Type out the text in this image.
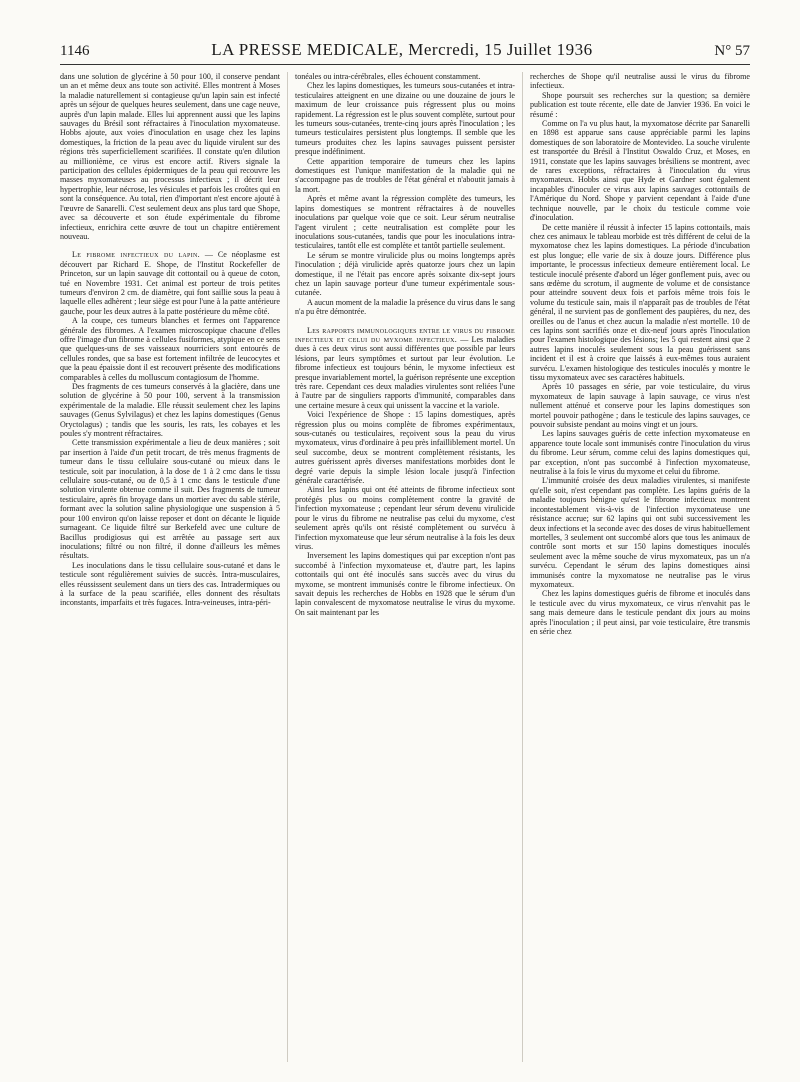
1146	LA PRESSE MEDICALE, Mercredi, 15 Juillet 1936	N° 57

dans une solution de glycérine à 50 pour 100, il conserve pendant un an et même deux ans toute son activité. Elles montrent à Moses la maladie naturellement si contagieuse qu'un lapin sain est infecté après un séjour de quelques heures seulement, dans une cage neuve, auprès d'un lapin malade. Elles lui apprennent aussi que les lapins sauvages du Brésil sont réfractaires à l'inoculation myxomateuse. Hobbs ajoute, aux voies d'inoculation en usage chez les lapins domestiques, la friction de la peau avec du liquide virulent sur des régions très superficiellement scarifiées. Il constate qu'en dilution au millionième, ce virus est encore actif. Rivers signale la participation des cellules épidermiques de la peau qui recouvre les masses myxomateuses au processus infectieux ; il décrit leur hypertrophie, leur nécrose, les vésicules et parfois les croûtes qui en sont la conséquence. Au total, rien d'important n'est encore ajouté à l'œuvre de Sanarelli. C'est seulement deux ans plus tard que Shope, avec sa découverte et son étude expérimentale du fibrome infectieux, enrichira cette œuvre de tout un chapitre entièrement nouveau.

Le fibrome infectieux du lapin. — Ce néoplasme est découvert par Richard E. Shope, de l'Institut Rockefeller de Princeton, sur un lapin sauvage dit cottontail ou à queue de coton, tué en Novembre 1931. Cet animal est porteur de trois petites tumeurs d'environ 2 cm. de diamètre, qui font saillie sous la peau à laquelle elles adhèrent ; leur siège est pour l'une à la patte antérieure gauche, pour les deux autres à la patte postérieure du même côté.

A la coupe, ces tumeurs blanches et fermes ont l'apparence générale des fibromes. A l'examen microscopique chacune d'elles offre l'image d'un fibrome à cellules fusiformes, atypique en ce sens que quelques-uns de ses vaisseaux nourriciers sont entourés de cellules rondes, que sa base est fortement infiltrée de leucocytes et que la peau épaissie dont il est recouvert présente des modifications comparables à celles du molluscum contagiosum de l'homme.

Des fragments de ces tumeurs conservés à la glacière, dans une solution de glycérine à 50 pour 100, servent à la transmission expérimentale de la maladie. Elle réussit seulement chez les lapins sauvages (Genus Sylvilagus) et chez les lapins domestiques (Genus Oryctolagus) ; tandis que les souris, les rats, les cobayes et les poules s'y montrent réfractaires.

Cette transmission expérimentale a lieu de deux manières ; soit par insertion à l'aide d'un petit trocart, de très menus fragments de tumeur dans le tissu cellulaire sous-cutané ou mieux dans le testicule, soit par inoculation, à la dose de 1 à 2 cmc dans le tissu cellulaire sous-cutané, ou de 0,5 à 1 cmc dans le testicule d'une solution virulente obtenue comme il suit. Des fragments de tumeur testiculaire, après fin broyage dans un mortier avec du sable stérile, formant avec la solution saline physiologique une suspension à 5 pour 100 environ qu'on laisse reposer et dont on décante le liquide surnageant. Ce liquide filtré sur Berkefeld avec une culture de Bacillus prodigiosus qui est arrêtée au passage sert aux inoculations; filtré ou non filtré, il donne d'ailleurs les mêmes résultats.

Les inoculations dans le tissu cellulaire sous-cutané et dans le testicule sont régulièrement suivies de succès. Intra-musculaires, elles réussissent seulement dans un tiers des cas. Intradermiques ou à la surface de la peau scarifiée, elles donnent des résultats inconstants, imparfaits et très fugaces. Intra-veineuses, intra-péri-

tonéales ou intra-cérébrales, elles échouent constamment.

Chez les lapins domestiques, les tumeurs sous-cutanées et intra-testiculaires atteignent en une dizaine ou une douzaine de jours le maximum de leur croissance puis régressent plus ou moins rapidement. La régression est le plus souvent complète, surtout pour les tumeurs sous-cutanées, trente-cinq jours après l'inoculation ; les tumeurs testiculaires persistent plus longtemps. Il semble que les tumeurs produites chez les lapins sauvages puissent persister presque indéfiniment.

Cette apparition temporaire de tumeurs chez les lapins domestiques est l'unique manifestation de la maladie qui ne s'accompagne pas de troubles de l'état général et n'aboutit jamais à la mort.

Après et même avant la régression complète des tumeurs, les lapins domestiques se montrent réfractaires à de nouvelles inoculations par quelque voie que ce soit. Leur sérum neutralise l'agent virulent ; cette neutralisation est complète pour les inoculations sous-cutanées, tandis que pour les inoculations intra-testiculaires, tantôt elle est complète et tantôt partielle seulement.

Le sérum se montre virulicide plus ou moins longtemps après l'inoculation ; déjà virulicide après quatorze jours chez un lapin domestique, il ne l'était pas encore après soixante dix-sept jours chez un lapin sauvage porteur d'une tumeur expérimentale sous-cutanée.

A aucun moment de la maladie la présence du virus dans le sang n'a pu être démontrée.

Les rapports immunologiques entre le virus du fibrome infectieux et celui du myxome infectieux. — Les maladies dues à ces deux virus sont aussi différentes que possible par leurs lésions, par leurs symptômes et surtout par leur évolution. Le fibrome infectieux est toujours bénin, le myxome infectieux est presque invariablement mortel, la guérison représente une exception très rare. Cependant ces deux maladies virulentes sont reliées l'une à l'autre par de singuliers rapports d'immunité, comparables dans une certaine mesure à ceux qui unissent la vaccine et la variole.

Voici l'expérience de Shope : 15 lapins domestiques, après régression plus ou moins complète de fibromes expérimentaux, sous-cutanés ou testiculaires, reçoivent sous la peau du virus myxomateux, virus d'ordinaire à peu près infailliblement mortel. Un seul succombe, deux se montrent complètement résistants, les autres guérissent après diverses manifestations morbides dont le degré varie depuis la simple lésion locale jusqu'à l'infection générale caractérisée.

Ainsi les lapins qui ont été atteints de fibrome infectieux sont protégés plus ou moins complètement contre la gravité de l'infection myxomateuse ; cependant leur sérum devenu virulicide pour le virus du fibrome ne neutralise pas celui du myxome, c'est seulement après qu'ils ont résisté complètement ou survécu à l'infection myxomateuse que leur sérum neutralise à la fois les deux virus.

Inversement les lapins domestiques qui par exception n'ont pas succombé à l'infection myxomateuse et, d'autre part, les lapins cottontails qui ont été inoculés sans succès avec du virus du myxome, se montrent immunisés contre le fibrome infectieux. On savait depuis les recherches de Hobbs en 1928 que le sérum d'un lapin convalescent de myxomatose neutralise le virus du myxome. On sait maintenant par les

recherches de Shope qu'il neutralise aussi le virus du fibrome infectieux.

Shope poursuit ses recherches sur la question; sa dernière publication est toute récente, elle date de Janvier 1936. En voici le résumé :

Comme on l'a vu plus haut, la myxomatose décrite par Sanarelli en 1898 est apparue sans cause appréciable parmi les lapins domestiques de son laboratoire de Montevideo. La souche virulente est transportée du Brésil à l'Institut Oswaldo Cruz, et Moses, en 1911, constate que les lapins sauvages brésiliens se montrent, avec de rares exceptions, réfractaires à l'inoculation du virus myxomateux. Hobbs ainsi que Hyde et Gardner sont également incapables d'inoculer ce virus aux lapins sauvages cottontails de l'Amérique du Nord. Shope y parvient cependant à l'aide d'une technique nouvelle, par le choix du testicule comme voie d'inoculation.

De cette manière il réussit à infecter 15 lapins cottontails, mais chez ces animaux le tableau morbide est très différent de celui de la myxomatose chez les lapins domestiques. La période d'incubation est plus longue; elle varie de six à douze jours. Différence plus importante, le processus infectieux demeure entièrement local. Le testicule inoculé présente d'abord un léger gonflement puis, avec ou sans œdème du scrotum, il augmente de volume et de consistance pour atteindre souvent deux fois et parfois même trois fois le volume du testicule sain, mais il n'apparaît pas de troubles de l'état général, il ne survient pas de gonflement des paupières, du nez, des oreilles ou de l'anus et chez aucun la maladie n'est mortelle. 10 de ces lapins sont sacrifiés onze et dix-neuf jours après l'inoculation pour l'examen histologique des lésions; les 5 qui restent ainsi que 2 autres lapins inoculés seulement sous la peau guérissent sans incident et il est à croire que laissés à eux-mêmes tous auraient survécu. L'examen histologique des testicules inoculés y montre le tissu myxomateux avec ses caractères habituels.

Après 10 passages en série, par voie testiculaire, du virus myxomateux de lapin sauvage à lapin sauvage, ce virus n'est nullement atténué et conserve pour les lapins domestiques son mortel pouvoir pathogène ; dans le testicule des lapins sauvages, ce pouvoir subsiste pendant au moins vingt et un jours.

Les lapins sauvages guéris de cette infection myxomateuse en apparence toute locale sont immunisés contre l'inoculation du virus du fibrome. Leur sérum, comme celui des lapins domestiques qui, par exception, n'ont pas succombé à l'infection myxomateuse, neutralise à la fois le virus du myxome et celui du fibrome.

L'immunité croisée des deux maladies virulentes, si manifeste qu'elle soit, n'est cependant pas complète. Les lapins guéris de la maladie toujours bénigne qu'est le fibrome infectieux montrent incontestablement vis-à-vis de l'infection myxomateuse une résistance accrue; sur 62 lapins qui ont subi successivement les deux infections et la seconde avec des doses de virus habituellement mortelles, 3 seulement ont succombé alors que tous les animaux de contrôle sont morts et sur 150 lapins domestiques inoculés seulement avec la même souche de virus myxomateux, pas un n'a survécu. Cependant le sérum des lapins domestiques ainsi immunisés contre la myxomatose ne neutralise pas le virus myxomateux.

Chez les lapins domestiques guéris de fibrome et inoculés dans le testicule avec du virus myxomateux, ce virus n'envahit pas le sang mais demeure dans le testicule pendant dix jours au moins après l'inoculation ; il peut ainsi, par voie testiculaire, être transmis en série chez
